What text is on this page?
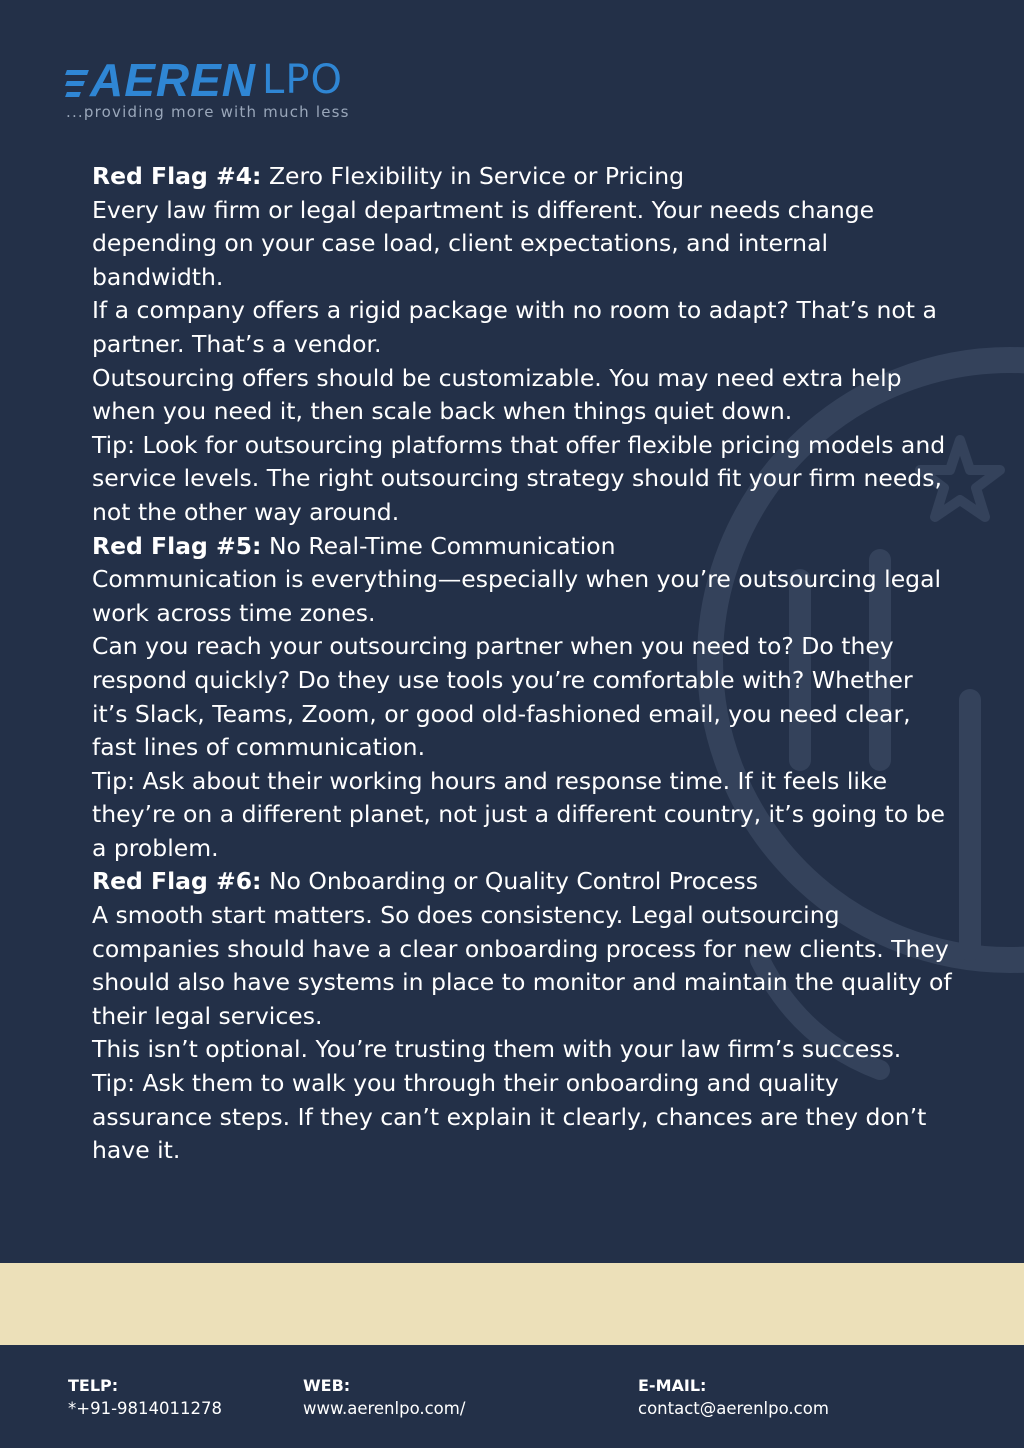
AEREN LPO
...providing more with much less

Red Flag #4: Zero Flexibility in Service or Pricing

Every law firm or legal department is different. Your needs change depending on your case load, client expectations, and internal bandwidth.

If a company offers a rigid package with no room to adapt? That’s not a partner. That’s a vendor.

Outsourcing offers should be customizable. You may need extra help when you need it, then scale back when things quiet down.

Tip: Look for outsourcing platforms that offer flexible pricing models and service levels. The right outsourcing strategy should fit your firm needs, not the other way around.

Red Flag #5: No Real-Time Communication

Communication is everything—especially when you’re outsourcing legal work across time zones.

Can you reach your outsourcing partner when you need to? Do they respond quickly? Do they use tools you’re comfortable with? Whether it’s Slack, Teams, Zoom, or good old-fashioned email, you need clear, fast lines of communication.

Tip: Ask about their working hours and response time. If it feels like they’re on a different planet, not just a different country, it’s going to be a problem.

Red Flag #6: No Onboarding or Quality Control Process

A smooth start matters. So does consistency. Legal outsourcing companies should have a clear onboarding process for new clients. They should also have systems in place to monitor and maintain the quality of their legal services.

This isn’t optional. You’re trusting them with your law firm’s success.

Tip: Ask them to walk you through their onboarding and quality assurance steps. If they can’t explain it clearly, chances are they don’t have it.

TELP:
*+91-9814011278
WEB:
www.aerenlpo.com/
E-MAIL:
contact@aerenlpo.com
